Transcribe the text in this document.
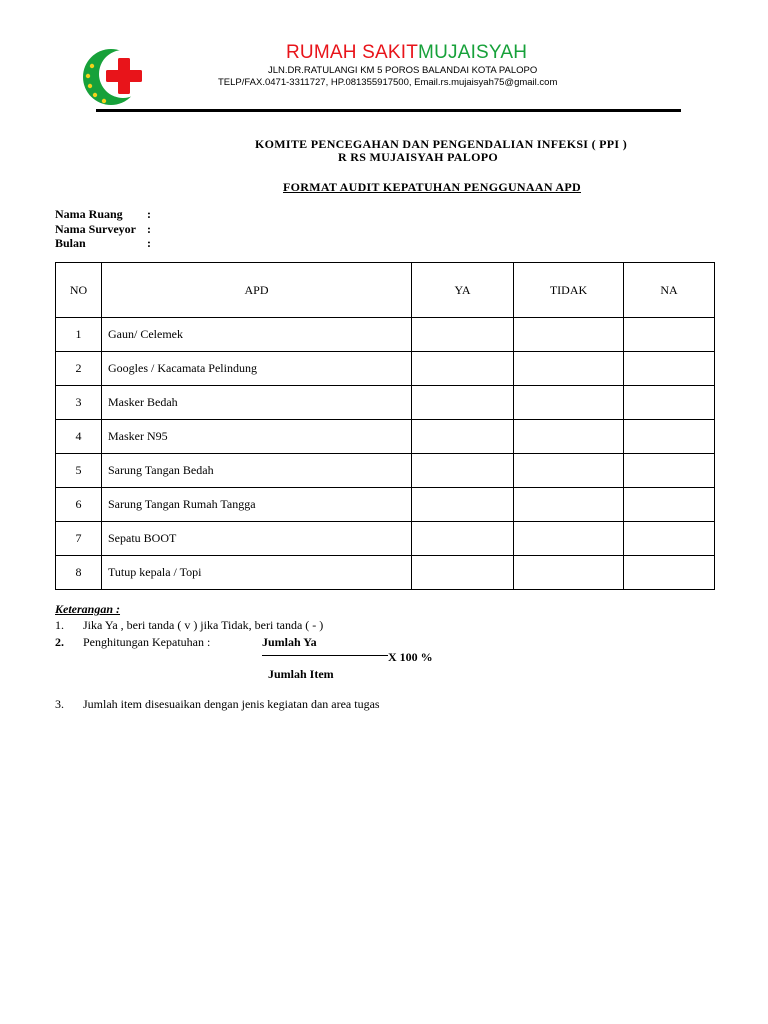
RUMAH SAKITMUJAISYAH
JLN.DR.RATULANGI KM 5 POROS BALANDAI KOTA PALOPO
TELP/FAX.0471-3311727, HP.081355917500, Email.rs.mujaisyah75@gmail.com
KOMITE PENCEGAHAN DAN PENGENDALIAN INFEKSI ( PPI )
R RS MUJAISYAH PALOPO
FORMAT AUDIT KEPATUHAN PENGGUNAAN APD
Nama Ruang	:
Nama Surveyor :
Bulan	:
NO	APD	YA	TIDAK	NA
1	Gaun/ Celemek			
2	Googles / Kacamata Pelindung			
3	Masker Bedah			
4	Masker N95			
5	Sarung Tangan Bedah			
6	Sarung Tangan Rumah Tangga			
7	Sepatu BOOT			
8	Tutup kepala / Topi			
Keterangan :
1. Jika Ya , beri tanda ( v ) jika Tidak, beri tanda ( - )
2. Penghitungan Kepatuhan :	Jumlah Ya
X 100 %
Jumlah Item
3. Jumlah item disesuaikan dengan jenis kegiatan dan area tugas
